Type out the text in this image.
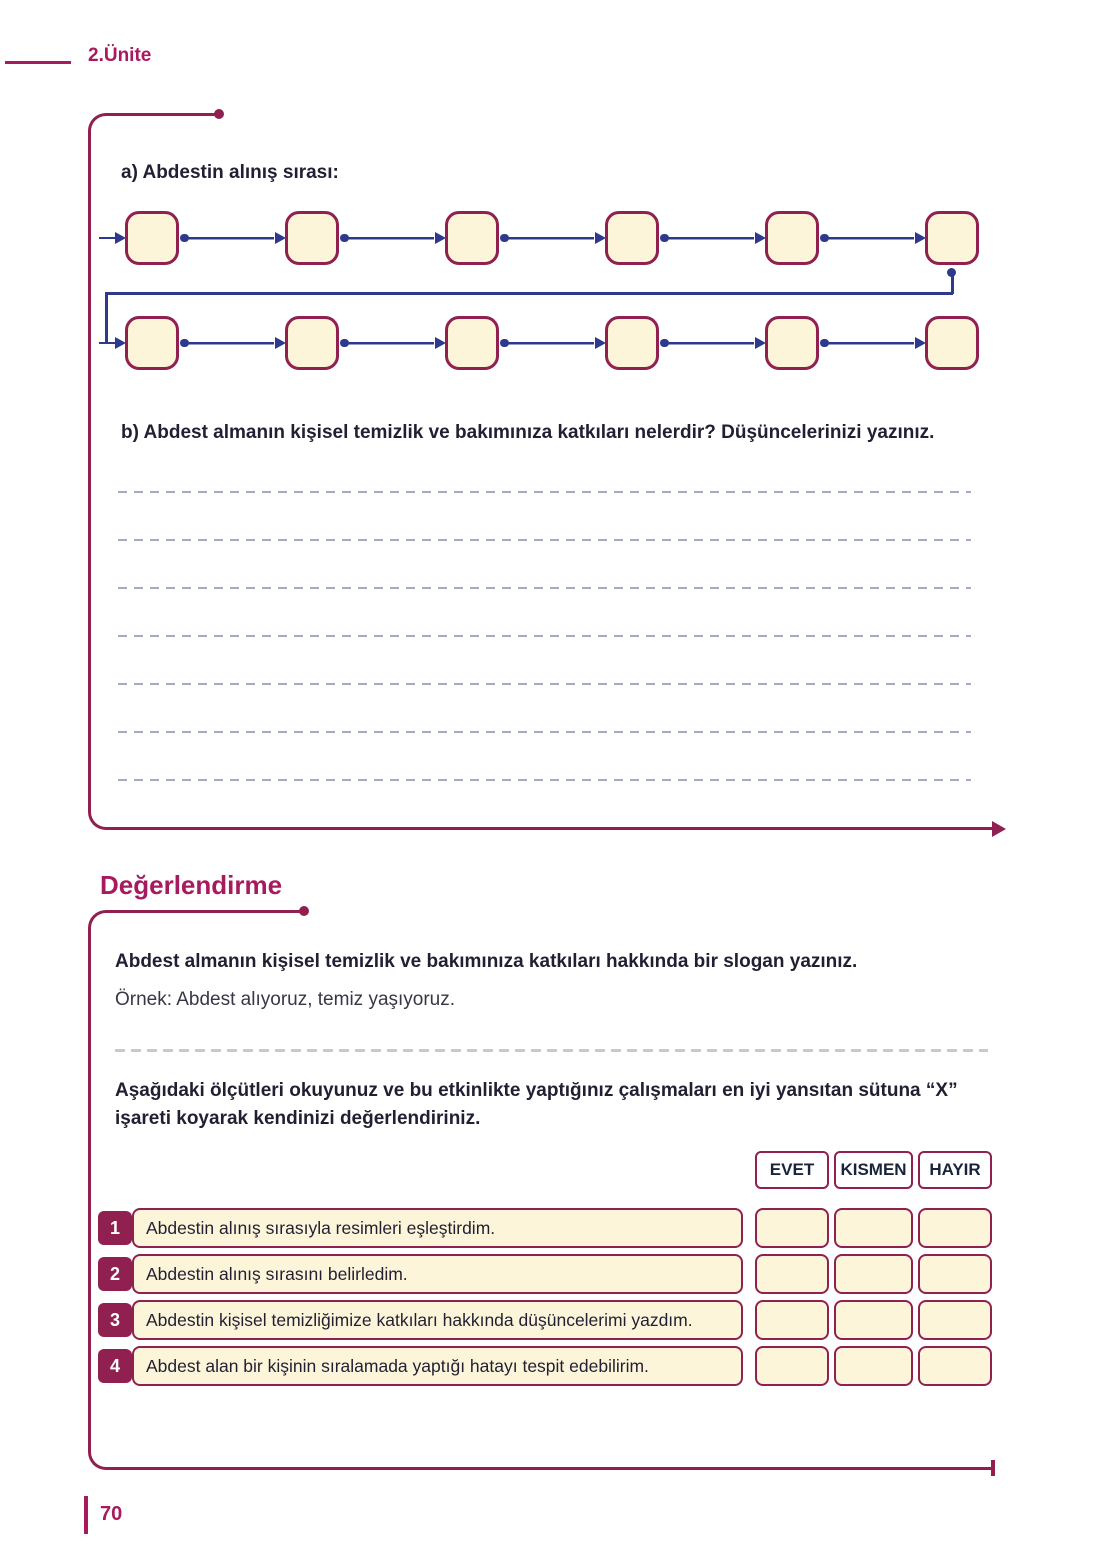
2.Ünite
a) Abdestin alınış sırası:
b) Abdest almanın kişisel temizlik ve bakımınıza katkıları nelerdir? Düşüncelerinizi yazınız.
Değerlendirme
Abdest almanın kişisel temizlik ve bakımınıza katkıları hakkında bir slogan yazınız.
Örnek: Abdest alıyoruz, temiz yaşıyoruz.
Aşağıdaki ölçütleri okuyunuz ve bu etkinlikte yaptığınız çalışmaları en iyi yansıtan sütuna “X” işareti koyarak kendinizi değerlendiriniz.
EVET	KISMEN	HAYIR
1	Abdestin alınış sırasıyla resimleri eşleştirdim.
2	Abdestin alınış sırasını belirledim.
3	Abdestin kişisel temizliğimize katkıları hakkında düşüncelerimi yazdım.
4	Abdest alan bir kişinin sıralamada yaptığı hatayı tespit edebilirim.
70
